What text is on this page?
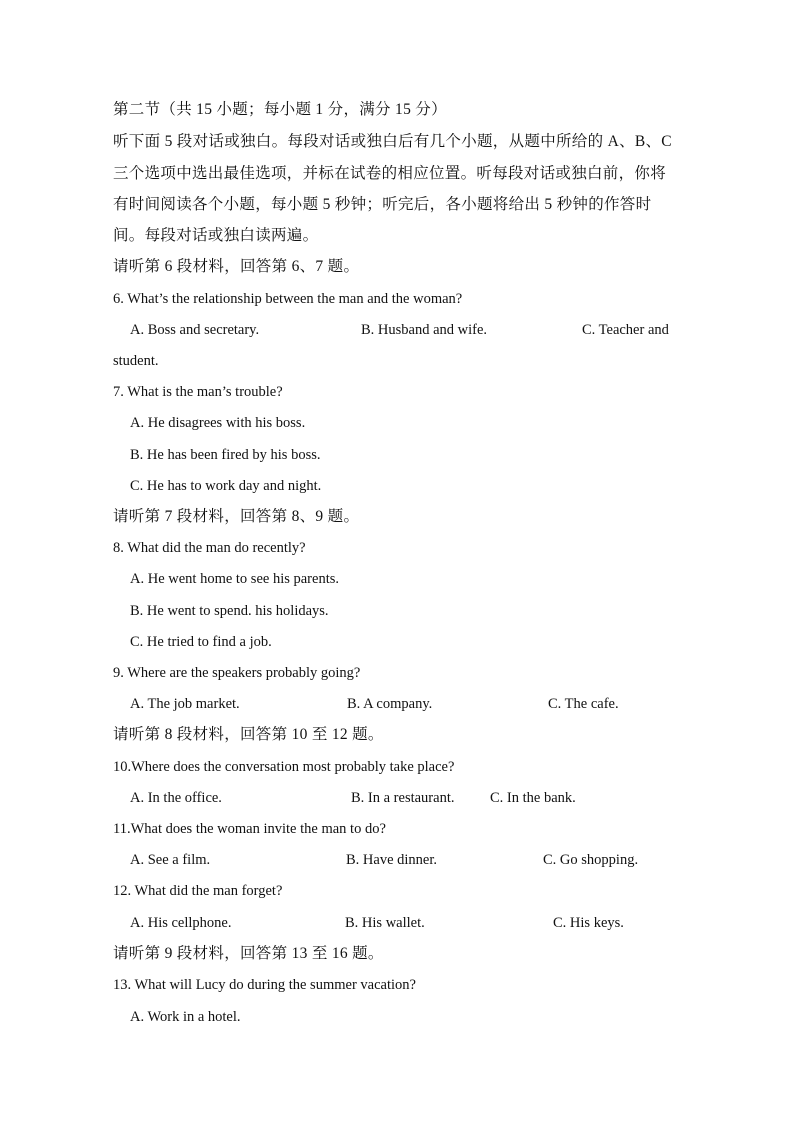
第二节（共 15 小题；每小题 1 分，满分 15 分）
听下面 5 段对话或独白。每段对话或独白后有几个小题，从题中所给的 A、B、C
三个选项中选出最佳选项，并标在试卷的相应位置。听每段对话或独白前，你将
有时间阅读各个小题，每小题 5 秒钟；听完后，各小题将给出 5 秒钟的作答时
间。每段对话或独白读两遍。
请听第 6 段材料，回答第 6、7 题。
6. What’s the relationship between the man and the woman?
A. Boss and secretary.	B. Husband and wife.	C. Teacher and
student.
7. What is the man’s trouble?
A. He disagrees with his boss.
B. He has been fired by his boss.
C. He has to work day and night.
请听第 7 段材料，回答第 8、9 题。
8. What did the man do recently?
A. He went home to see his parents.
B. He went to spend. his holidays.
C. He tried to find a job.
9. Where are the speakers probably going?
A. The job market.	B. A company.	C. The cafe.
请听第 8 段材料，回答第 10 至 12 题。
10.Where does the conversation most probably take place?
A. In the office.	B. In a restaurant. C. In the bank.
11.What does the woman invite the man to do?
A. See a film.	B. Have dinner.	C. Go shopping.
12. What did the man forget?
A. His cellphone.	B. His wallet.	C. His keys.
请听第 9 段材料，回答第 13 至 16 题。
13. What will Lucy do during the summer vacation?
A. Work in a hotel.
